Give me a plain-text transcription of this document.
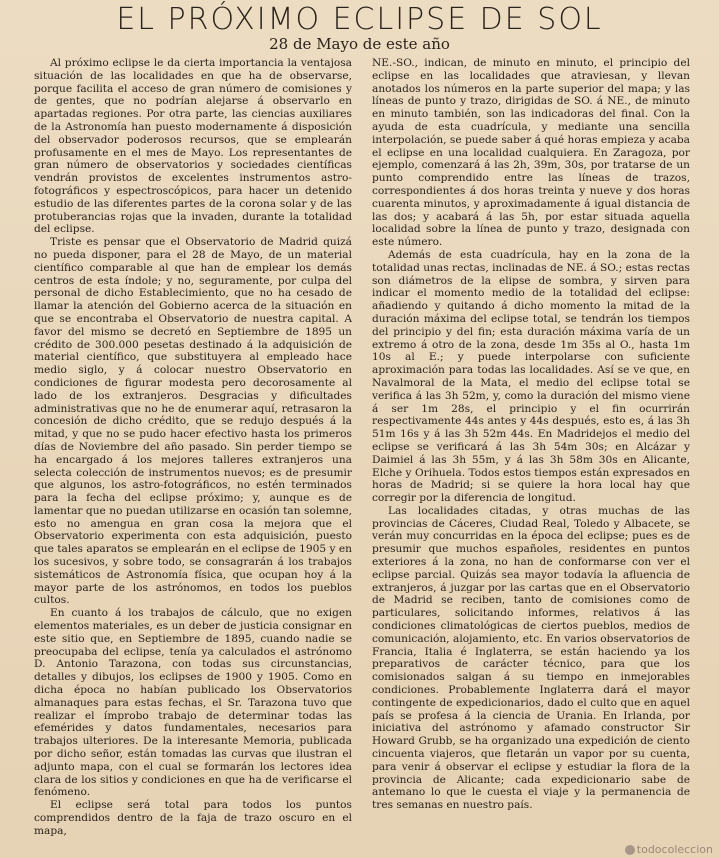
EL PRÓXIMO ECLIPSE DE SOL
28 de Mayo de este año

Al próximo eclipse le da cierta importancia la ventajosa situación de las localidades en que ha de observarse, porque facilita el acceso de gran número de comisiones y de gentes, que no podrían alejarse á observarlo en apartadas regiones. Por otra parte, las ciencias auxiliares de la Astronomía han puesto modernamente á disposición del observador poderosos recursos, que se emplearán profusamente en el mes de Mayo. Los representantes de gran número de observatorios y sociedades científicas vendrán provistos de excelentes instrumentos astro-fotográficos y espectroscópicos, para hacer un detenido estudio de las diferentes partes de la corona solar y de las protuberancias rojas que la invaden, durante la totalidad del eclipse.

Triste es pensar que el Observatorio de Madrid quizá no pueda disponer, para el 28 de Mayo, de un material científico comparable al que han de emplear los demás centros de esta índole; y no, seguramente, por culpa del personal de dicho Establecimiento, que no ha cesado de llamar la atención del Gobierno acerca de la situación en que se encontraba el Observatorio de nuestra capital. A favor del mismo se decretó en Septiembre de 1895 un crédito de 300.000 pesetas destinado á la adquisición de material científico, que substituyera al empleado hace medio siglo, y á colocar nuestro Observatorio en condiciones de figurar modesta pero decorosamente al lado de los extranjeros. Desgracias y dificultades administrativas que no he de enumerar aquí, retrasaron la concesión de dicho crédito, que se redujo después á la mitad, y que no se pudo hacer efectivo hasta los primeros días de Noviembre del año pasado. Sin perder tiempo se ha encargado á los mejores talleres extranjeros una selecta colección de instrumentos nuevos; es de presumir que algunos, los astro-fotográficos, no estén terminados para la fecha del eclipse próximo; y, aunque es de lamentar que no puedan utilizarse en ocasión tan solemne, esto no amengua en gran cosa la mejora que el Observatorio experimenta con esta adquisición, puesto que tales aparatos se emplearán en el eclipse de 1905 y en los sucesivos, y sobre todo, se consagrarán á los trabajos sistemáticos de Astronomía física, que ocupan hoy á la mayor parte de los astrónomos, en todos los pueblos cultos.

En cuanto á los trabajos de cálculo, que no exigen elementos materiales, es un deber de justicia consignar en este sitio que, en Septiembre de 1895, cuando nadie se preocupaba del eclipse, tenía ya calculados el astrónomo D. Antonio Tarazona, con todas sus circunstancias, detalles y dibujos, los eclipses de 1900 y 1905. Como en dicha época no habían publicado los Observatorios almanaques para estas fechas, el Sr. Tarazona tuvo que realizar el ímprobo trabajo de determinar todas las efemérides y datos fundamentales, necesarios para trabajos ulteriores. De la interesante Memoria, publicada por dicho señor, están tomadas las curvas que ilustran el adjunto mapa, con el cual se formarán los lectores idea clara de los sitios y condiciones en que ha de verificarse el fenómeno.

El eclipse será total para todos los puntos comprendidos dentro de la faja de trazo oscuro en el mapa,

NE.-SO., indican, de minuto en minuto, el principio del eclipse en las localidades que atraviesan, y llevan anotados los números en la parte superior del mapa; y las líneas de punto y trazo, dirigidas de SO. á NE., de minuto en minuto también, son las indicadoras del final. Con la ayuda de esta cuadrícula, y mediante una sencilla interpolación, se puede saber á qué horas empieza y acaba el eclipse en una localidad cualquiera. En Zaragoza, por ejemplo, comenzará á las 2h, 39m, 30s, por tratarse de un punto comprendido entre las líneas de trazos, correspondientes á dos horas treinta y nueve y dos horas cuarenta minutos, y aproximadamente á igual distancia de las dos; y acabará á las 5h, por estar situada aquella localidad sobre la línea de punto y trazo, designada con este número.

Además de esta cuadrícula, hay en la zona de la totalidad unas rectas, inclinadas de NE. á SO.; estas rectas son diámetros de la elipse de sombra, y sirven para indicar el momento medio de la totalidad del eclipse: añadiendo y quitando á dicho momento la mitad de la duración máxima del eclipse total, se tendrán los tiempos del principio y del fin; esta duración máxima varía de un extremo á otro de la zona, desde 1m 35s al O., hasta 1m 10s al E.; y puede interpolarse con suficiente aproximación para todas las localidades. Así se ve que, en Navalmoral de la Mata, el medio del eclipse total se verifica á las 3h 52m, y, como la duración del mismo viene á ser 1m 28s, el principio y el fin ocurrirán respectivamente 44s antes y 44s después, esto es, á las 3h 51m 16s y á las 3h 52m 44s. En Madridejos el medio del eclipse se verificará á las 3h 54m 30s; en Alcázar y Daimiel á las 3h 55m, y á las 3h 58m 30s en Alicante, Elche y Orihuela. Todos estos tiempos están expresados en horas de Madrid; si se quiere la hora local hay que corregir por la diferencia de longitud.

Las localidades citadas, y otras muchas de las provincias de Cáceres, Ciudad Real, Toledo y Albacete, se verán muy concurridas en la época del eclipse; pues es de presumir que muchos españoles, residentes en puntos exteriores á la zona, no han de conformarse con ver el eclipse parcial. Quizás sea mayor todavía la afluencia de extranjeros, á juzgar por las cartas que en el Observatorio de Madrid se reciben, tanto de comisiones como de particulares, solicitando informes, relativos á las condiciones climatológicas de ciertos pueblos, medios de comunicación, alojamiento, etc. En varios observatorios de Francia, Italia é Inglaterra, se están haciendo ya los preparativos de carácter técnico, para que los comisionados salgan á su tiempo en inmejorables condiciones. Probablemente Inglaterra dará el mayor contingente de expedicionarios, dado el culto que en aquel país se profesa á la ciencia de Urania. En Irlanda, por iniciativa del astrónomo y afamado constructor Sir Howard Grubb, se ha organizado una expedición de ciento cincuenta viajeros, que fletarán un vapor por su cuenta, para venir á observar el eclipse y estudiar la flora de la provincia de Alicante; cada expedicionario sabe de antemano lo que le cuesta el viaje y la permanencia de tres semanas en nuestro país.

todocoleccion
